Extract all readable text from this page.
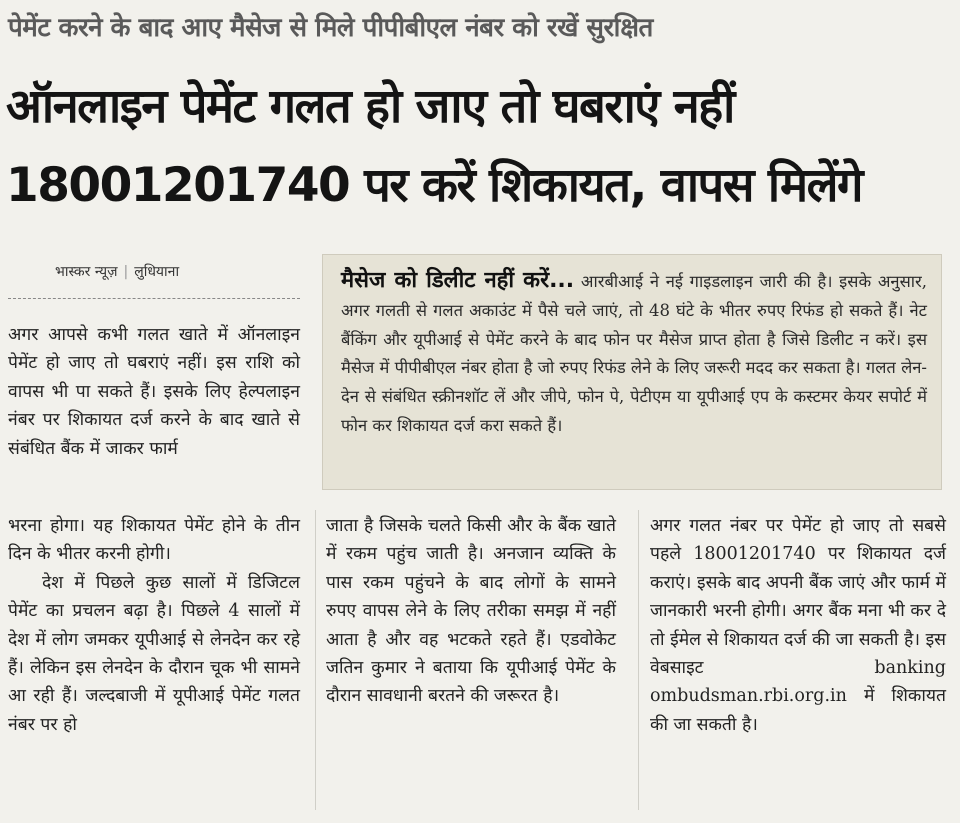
पेमेंट करने के बाद आए मैसेज से मिले पीपीबीएल नंबर को रखें सुरक्षित
ऑनलाइन पेमेंट गलत हो जाए तो घबराएं नहीं
18001201740 पर करें शिकायत, वापस मिलेंगे
भास्कर न्यूज़ | लुधियाना	मैसेज को डिलीट नहीं करें... आरबीआई ने नई गाइडलाइन जारी की है। इसके अनुसार, अगर गलती से गलत अकाउंट में पैसे चले जाएं, तो 48 घंटे के भीतर रुपए रिफंड हो सकते हैं। नेट बैंकिंग और यूपीआई से पेमेंट करने के बाद फोन पर मैसेज प्राप्त होता है जिसे डिलीट न करें। इस मैसेज में पीपीबीएल नंबर होता है जो रुपए रिफंड लेने के लिए जरूरी मदद कर सकता है। गलत लेन-देन से संबंधित स्क्रीनशॉट लें और जीपे, फोन पे, पेटीएम या यूपीआई एप के कस्टमर केयर सपोर्ट में फोन कर शिकायत दर्ज करा सकते हैं।

अगर आपसे कभी गलत खाते में ऑनलाइन पेमेंट हो जाए तो घबराएं नहीं। इस राशि को वापस भी पा सकते हैं। इसके लिए हेल्पलाइन नंबर पर शिकायत दर्ज करने के बाद खाते से संबंधित बैंक में जाकर फार्म

भरना होगा। यह शिकायत पेमेंट होने के तीन दिन के भीतर करनी होगी।

देश में पिछले कुछ सालों में डिजिटल पेमेंट का प्रचलन बढ़ा है। पिछले 4 सालों में देश में लोग जमकर यूपीआई से लेनदेन कर रहे हैं। लेकिन इस लेनदेन के दौरान चूक भी सामने आ रही हैं। जल्दबाजी में यूपीआई पेमेंट गलत नंबर पर हो

जाता है जिसके चलते किसी और के बैंक खाते में रकम पहुंच जाती है। अनजान व्यक्ति के पास रकम पहुंचने के बाद लोगों के सामने रुपए वापस लेने के लिए तरीका समझ में नहीं आता है और वह भटकते रहते हैं। एडवोकेट जतिन कुमार ने बताया कि यूपीआई पेमेंट के दौरान सावधानी बरतने की जरूरत है।

अगर गलत नंबर पर पेमेंट हो जाए तो सबसे पहले 18001201740 पर शिकायत दर्ज कराएं। इसके बाद अपनी बैंक जाएं और फार्म में जानकारी भरनी होगी। अगर बैंक मना भी कर दे तो ईमेल से शिकायत दर्ज की जा सकती है। इस वेबसाइट banking​ombudsman.rbi.org.in में शिकायत की जा सकती है।
